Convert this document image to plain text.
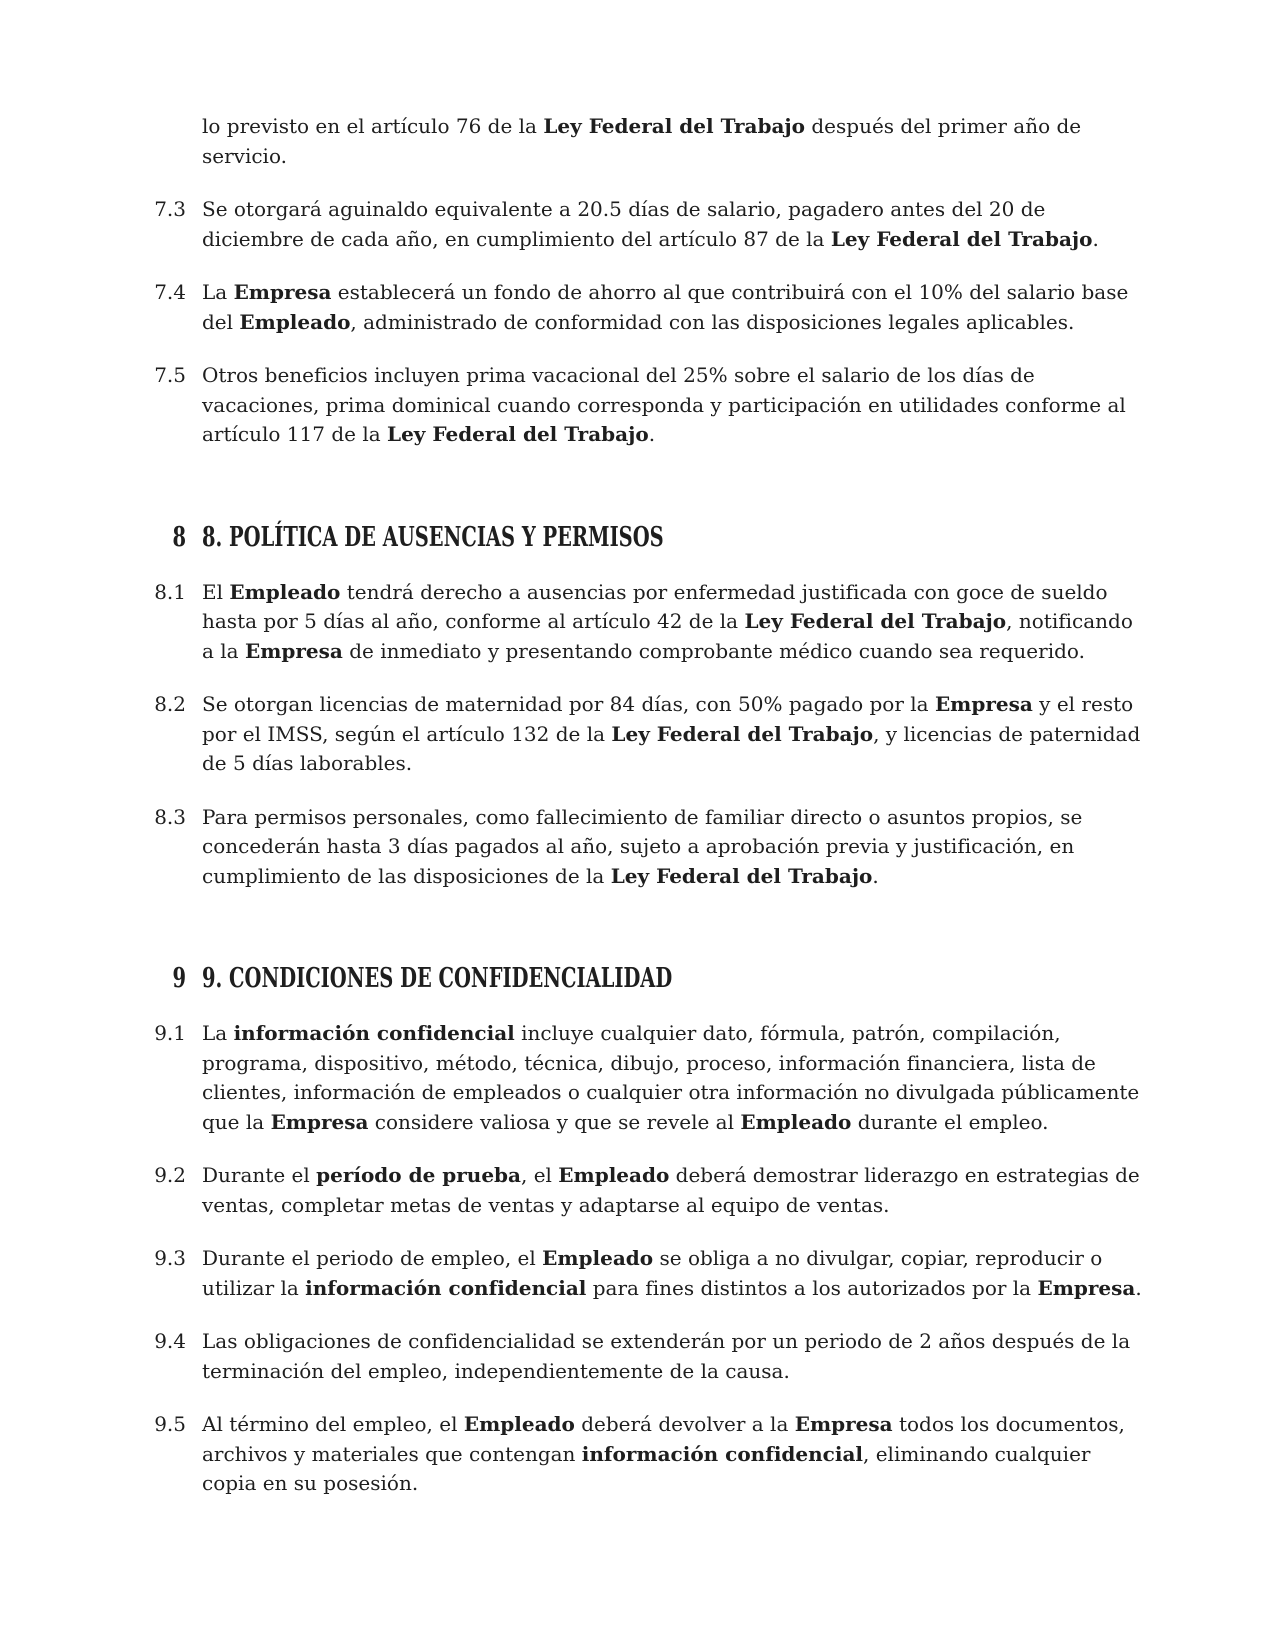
lo previsto en el artículo 76 de la Ley Federal del Trabajo después del primer año de servicio.
7.3 Se otorgará aguinaldo equivalente a 20.5 días de salario, pagadero antes del 20 de diciembre de cada año, en cumplimiento del artículo 87 de la Ley Federal del Trabajo.
7.4 La Empresa establecerá un fondo de ahorro al que contribuirá con el 10% del salario base del Empleado, administrado de conformidad con las disposiciones legales aplicables.
7.5 Otros beneficios incluyen prima vacacional del 25% sobre el salario de los días de vacaciones, prima dominical cuando corresponda y participación en utilidades conforme al artículo 117 de la Ley Federal del Trabajo.
8 8. POLÍTICA DE AUSENCIAS Y PERMISOS
8.1 El Empleado tendrá derecho a ausencias por enfermedad justificada con goce de sueldo hasta por 5 días al año, conforme al artículo 42 de la Ley Federal del Trabajo, notificando a la Empresa de inmediato y presentando comprobante médico cuando sea requerido.
8.2 Se otorgan licencias de maternidad por 84 días, con 50% pagado por la Empresa y el resto por el IMSS, según el artículo 132 de la Ley Federal del Trabajo, y licencias de paternidad de 5 días laborables.
8.3 Para permisos personales, como fallecimiento de familiar directo o asuntos propios, se concederán hasta 3 días pagados al año, sujeto a aprobación previa y justificación, en cumplimiento de las disposiciones de la Ley Federal del Trabajo.
9 9. CONDICIONES DE CONFIDENCIALIDAD
9.1 La información confidencial incluye cualquier dato, fórmula, patrón, compilación, programa, dispositivo, método, técnica, dibujo, proceso, información financiera, lista de clientes, información de empleados o cualquier otra información no divulgada públicamente que la Empresa considere valiosa y que se revele al Empleado durante el empleo.
9.2 Durante el período de prueba, el Empleado deberá demostrar liderazgo en estrategias de ventas, completar metas de ventas y adaptarse al equipo de ventas.
9.3 Durante el periodo de empleo, el Empleado se obliga a no divulgar, copiar, reproducir o utilizar la información confidencial para fines distintos a los autorizados por la Empresa.
9.4 Las obligaciones de confidencialidad se extenderán por un periodo de 2 años después de la terminación del empleo, independientemente de la causa.
9.5 Al término del empleo, el Empleado deberá devolver a la Empresa todos los documentos, archivos y materiales que contengan información confidencial, eliminando cualquier copia en su posesión.
